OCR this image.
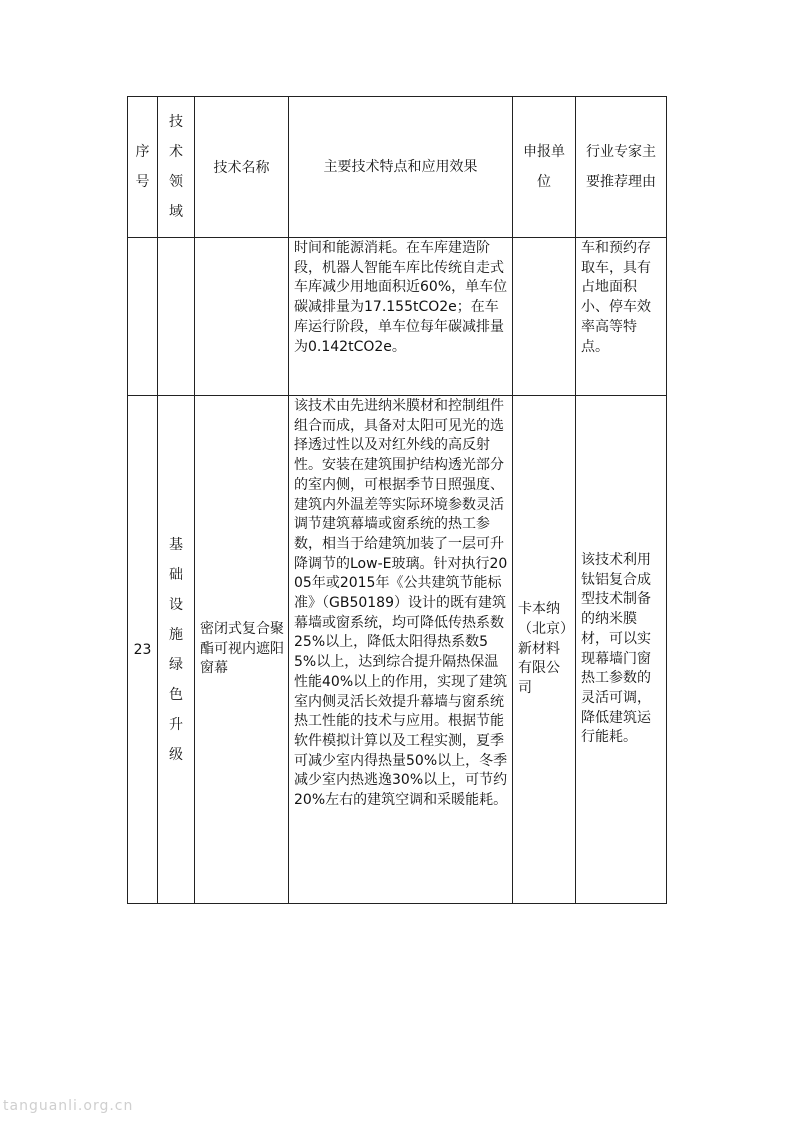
序号	技术领域	技术名称	主要技术特点和应用效果	申报单位	行业专家主要推荐理由

			时间和能源消耗。在车库建造阶段，机器人智能车库比传统自走式车库减少用地面积近60%，单车位碳减排量为17.155tCO2e；在车库运行阶段，单车位每年碳减排量为0.142tCO2e。		车和预约存取车，具有占地面积小、停车效率高等特点。

23	基础设施绿色升级	密闭式复合聚酯可视内遮阳窗幕	该技术由先进纳米膜材和控制组件组合而成，具备对太阳可见光的选择透过性以及对红外线的高反射性。安装在建筑围护结构透光部分的室内侧，可根据季节日照强度、建筑内外温差等实际环境参数灵活调节建筑幕墙或窗系统的热工参数，相当于给建筑加装了一层可升降调节的Low-E玻璃。针对执行2005年或2015年《公共建筑节能标准》（GB50189）设计的既有建筑幕墙或窗系统，均可降低传热系数25%以上，降低太阳得热系数55%以上，达到综合提升隔热保温性能40%以上的作用，实现了建筑室内侧灵活长效提升幕墙与窗系统热工性能的技术与应用。根据节能软件模拟计算以及工程实测，夏季可减少室内得热量50%以上，冬季减少室内热逃逸30%以上，可节约20%左右的建筑空调和采暖能耗。	卡本纳（北京）新材料有限公司	该技术利用钛铝复合成型技术制备的纳米膜材，可以实现幕墙门窗热工参数的灵活可调，降低建筑运行能耗。
tanguanli.org.cn
